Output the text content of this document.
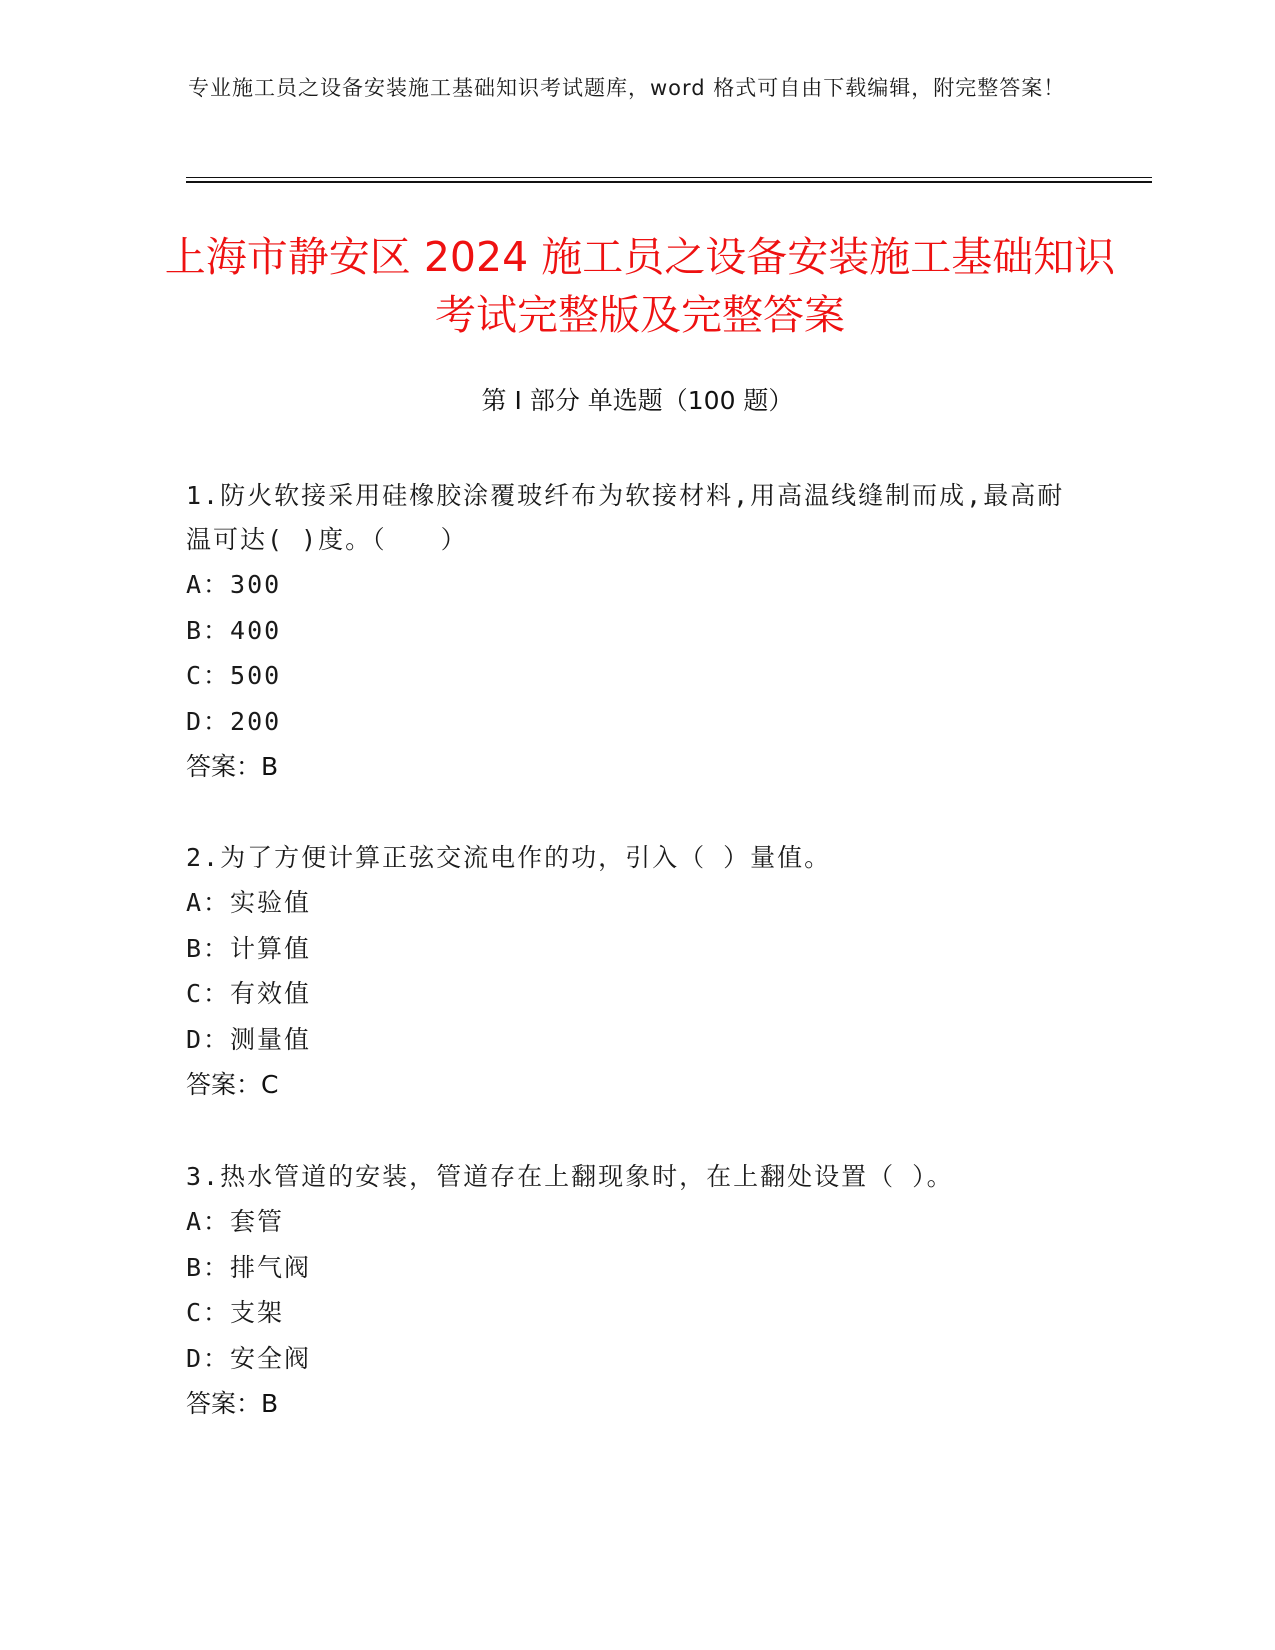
专业施工员之设备安装施工基础知识考试题库，word 格式可自由下载编辑，附完整答案！
上海市静安区 2024 施工员之设备安装施工基础知识考试完整版及完整答案
第 I 部分 单选题（100 题）
1.防火软接采用硅橡胶涂覆玻纤布为软接材料,用高温线缝制而成,最高耐温可达( )度。（　　）
A：300
B：400
C：500
D：200
答案：B
2.为了方便计算正弦交流电作的功，引入（ ）量值。
A：实验值
B：计算值
C：有效值
D：测量值
答案：C
3.热水管道的安装，管道存在上翻现象时，在上翻处设置（ ）。
A：套管
B：排气阀
C：支架
D：安全阀
答案：B
